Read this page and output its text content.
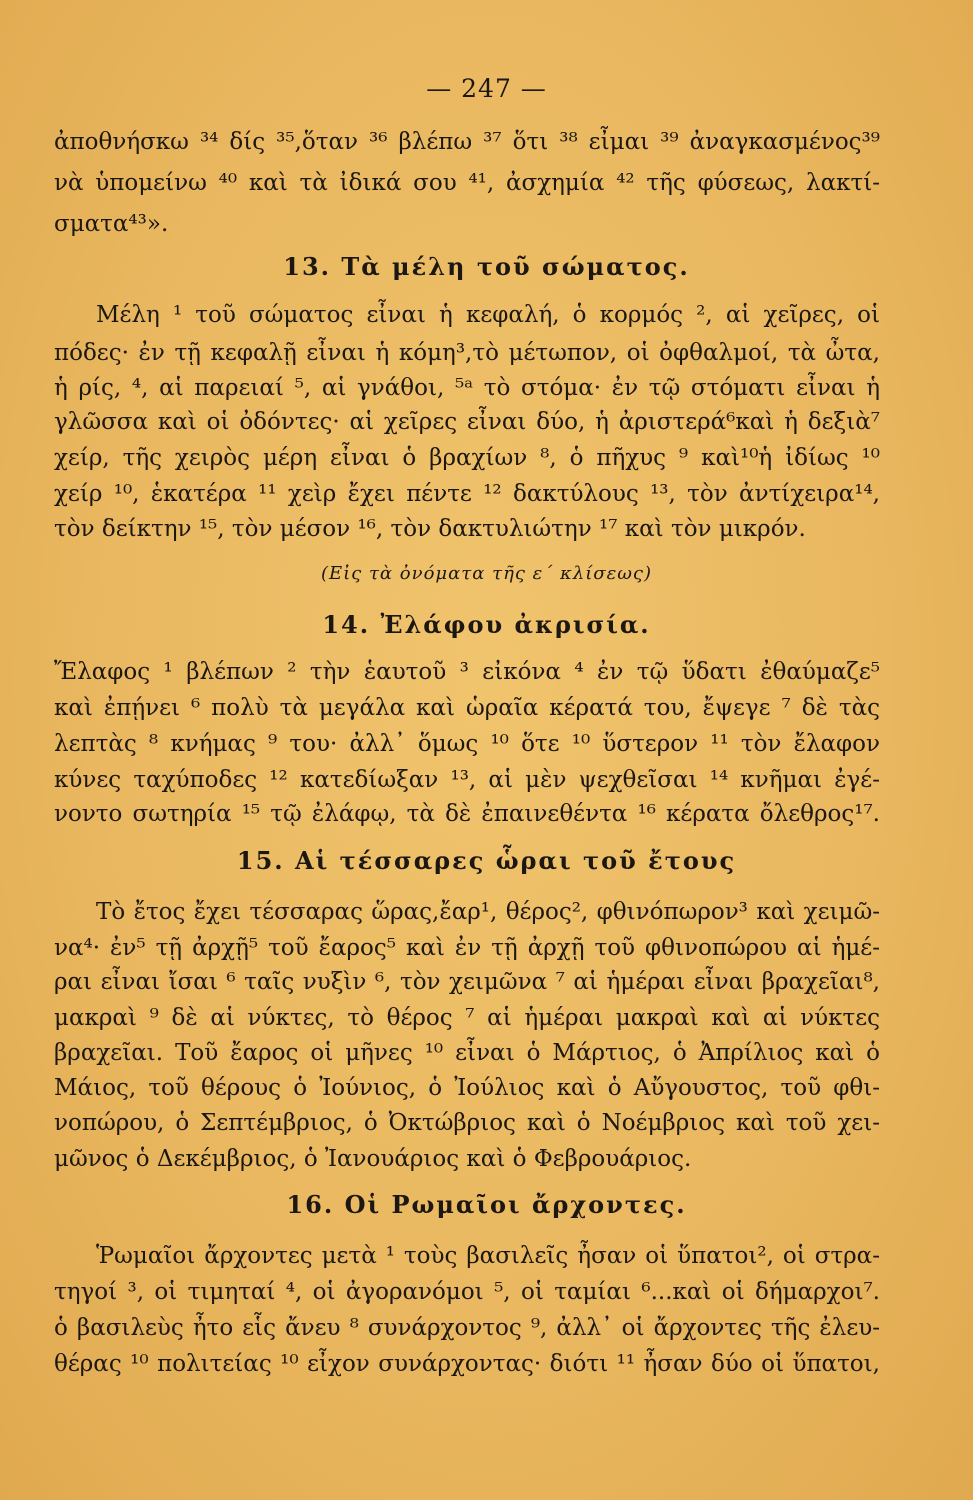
— 247 —
ἀποθνήσκω ³⁴ δίς ³⁵,ὅταν ³⁶ βλέπω ³⁷ ὅτι ³⁸ εἶμαι ³⁹ ἀναγκασμένος³⁹
νὰ ὑπομείνω ⁴⁰ καὶ τὰ ἰδικά σου ⁴¹, ἀσχημία ⁴² τῆς φύσεως, λακτί-
σματα⁴³».
13. Τὰ μέλη τοῦ σώματος.
Μέλη ¹ τοῦ σώματος εἶναι ἡ κεφαλή, ὁ κορμός ², αἱ χεῖρες, οἱ
πόδες· ἐν τῇ κεφαλῇ εἶναι ἡ κόμη³,τὸ μέτωπον, οἱ ὀφθαλμοί, τὰ ὦτα,
ἡ ρίς, ⁴, αἱ παρειαί ⁵, αἱ γνάθοι, ⁵ᵃ τὸ στόμα· ἐν τῷ στόματι εἶναι ἡ
γλῶσσα καὶ οἱ ὀδόντες· αἱ χεῖρες εἶναι δύο, ἡ ἀριστερά⁶καὶ ἡ δεξιὰ⁷
χείρ, τῆς χειρὸς μέρη εἶναι ὁ βραχίων ⁸, ὁ πῆχυς ⁹ καὶ¹⁰ἡ ἰδίως ¹⁰
χείρ ¹⁰, ἑκατέρα ¹¹ χεὶρ ἔχει πέντε ¹² δακτύλους ¹³, τὸν ἀντίχειρα¹⁴,
τὸν δείκτην ¹⁵, τὸν μέσον ¹⁶, τὸν δακτυλιώτην ¹⁷ καὶ τὸν μικρόν.
(Εἰς τὰ ὀνόματα τῆς ε΄ κλίσεως)
14. Ἐλάφου ἀκρισία.
Ἔλαφος ¹ βλέπων ² τὴν ἑαυτοῦ ³ εἰκόνα ⁴ ἐν τῷ ὕδατι ἐθαύμαζε⁵
καὶ ἐπῄνει ⁶ πολὺ τὰ μεγάλα καὶ ὡραῖα κέρατά του, ἔψεγε ⁷ δὲ τὰς
λεπτὰς ⁸ κνήμας ⁹ του· ἀλλ᾽ ὅμως ¹⁰ ὅτε ¹⁰ ὕστερον ¹¹ τὸν ἔλαφον
κύνες ταχύποδες ¹² κατεδίωξαν ¹³, αἱ μὲν ψεχθεῖσαι ¹⁴ κνῆμαι ἐγέ-
νοντο σωτηρία ¹⁵ τῷ ἐλάφῳ, τὰ δὲ ἐπαινεθέντα ¹⁶ κέρατα ὄλεθρος¹⁷.
15. Αἱ τέσσαρες ὧραι τοῦ ἔτους
Τὸ ἔτος ἔχει τέσσαρας ὥρας,ἔαρ¹, θέρος², φθινόπωρον³ καὶ χειμῶ-
να⁴· ἐν⁵ τῇ ἀρχῇ⁵ τοῦ ἔαρος⁵ καὶ ἐν τῇ ἀρχῇ τοῦ φθινοπώρου αἱ ἡμέ-
ραι εἶναι ἴσαι ⁶ ταῖς νυξὶν ⁶, τὸν χειμῶνα ⁷ αἱ ἡμέραι εἶναι βραχεῖαι⁸,
μακραὶ ⁹ δὲ αἱ νύκτες, τὸ θέρος ⁷ αἱ ἡμέραι μακραὶ καὶ αἱ νύκτες
βραχεῖαι. Τοῦ ἔαρος οἱ μῆνες ¹⁰ εἶναι ὁ Μάρτιος, ὁ Ἀπρίλιος καὶ ὁ
Μάιος, τοῦ θέρους ὁ Ἰούνιος, ὁ Ἰούλιος καὶ ὁ Αὔγουστος, τοῦ φθι-
νοπώρου, ὁ Σεπτέμβριος, ὁ Ὀκτώβριος καὶ ὁ Νοέμβριος καὶ τοῦ χει-
μῶνος ὁ Δεκέμβριος, ὁ Ἰανουάριος καὶ ὁ Φεβρουάριος.
16. Οἱ Ρωμαῖοι ἄρχοντες.
Ῥωμαῖοι ἄρχοντες μετὰ ¹ τοὺς βασιλεῖς ἦσαν οἱ ὕπατοι², οἱ στρα-
τηγοί ³, οἱ τιμηταί ⁴, οἱ ἀγορανόμοι ⁵, οἱ ταμίαι ⁶...καὶ οἱ δήμαρχοι⁷.
ὁ βασιλεὺς ἦτο εἷς ἄνευ ⁸ συνάρχοντος ⁹, ἀλλ᾽ οἱ ἄρχοντες τῆς ἐλευ-
θέρας ¹⁰ πολιτείας ¹⁰ εἶχον συνάρχοντας· διότι ¹¹ ἦσαν δύο οἱ ὕπατοι,
